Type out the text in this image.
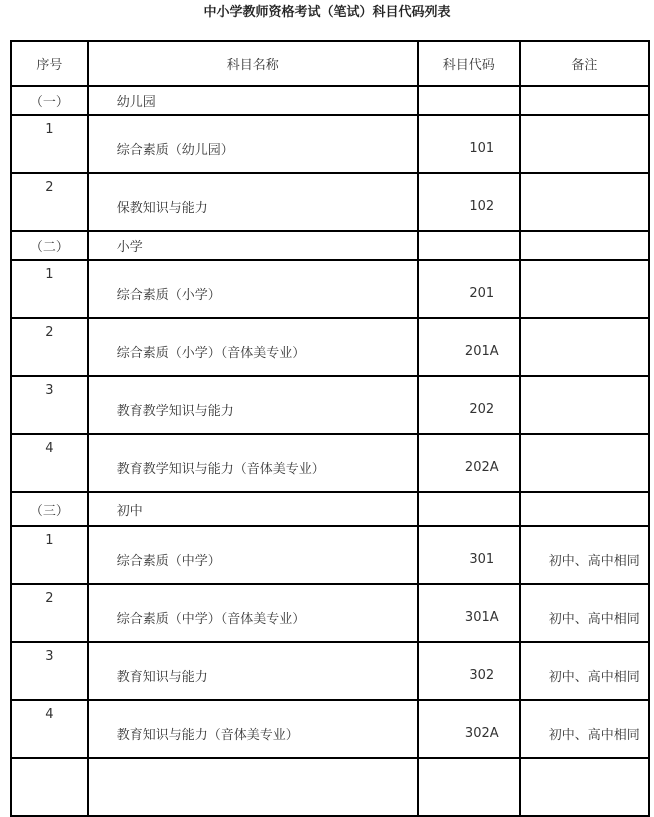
中小学教师资格考试（笔试）科目代码列表
序号	科目名称	科目代码	备注

（一）	幼儿园		

1	综合素质（幼儿园）	101	

2	保教知识与能力	102	

（二）	小学		

1	综合素质（小学）	201	

2	综合素质（小学）（音体美专业）	201A	

3	教育教学知识与能力	202	

4	教育教学知识与能力（音体美专业）	202A	

（三）	初中		

1	综合素质（中学）	301	初中、高中相同

2	综合素质（中学）（音体美专业）	301A	初中、高中相同

3	教育知识与能力	302	初中、高中相同

4	教育知识与能力（音体美专业）	302A	初中、高中相同
